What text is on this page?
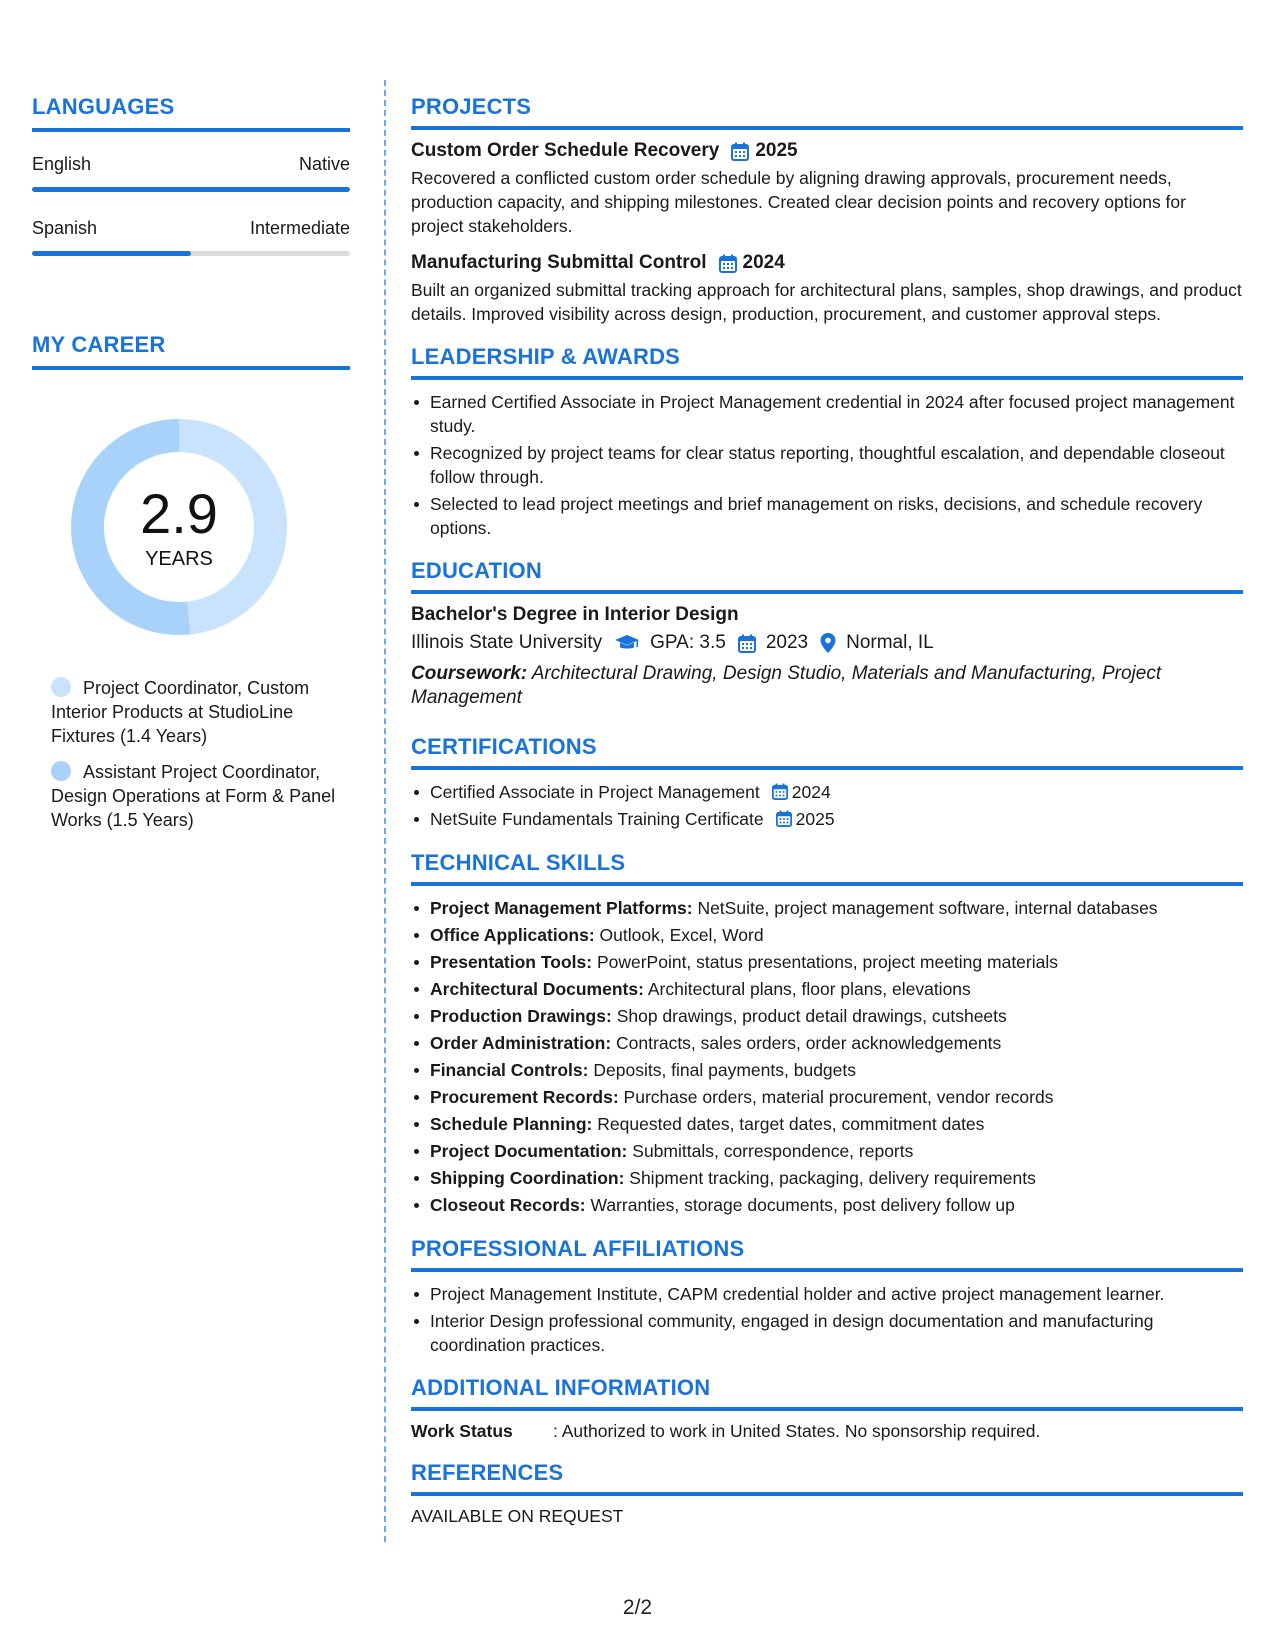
LANGUAGES
English	Native
Spanish	Intermediate
MY CAREER
2.9
YEARS
Project Coordinator, Custom Interior Products at StudioLine Fixtures (1.4 Years)
Assistant Project Coordinator, Design Operations at Form & Panel Works (1.5 Years)
PROJECTS
Custom Order Schedule Recovery 2025
Recovered a conflicted custom order schedule by aligning drawing approvals, procurement needs, production capacity, and shipping milestones. Created clear decision points and recovery options for project stakeholders.
Manufacturing Submittal Control 2024
Built an organized submittal tracking approach for architectural plans, samples, shop drawings, and product details. Improved visibility across design, production, procurement, and customer approval steps.
LEADERSHIP & AWARDS
Earned Certified Associate in Project Management credential in 2024 after focused project management study.
Recognized by project teams for clear status reporting, thoughtful escalation, and dependable closeout follow through.
Selected to lead project meetings and brief management on risks, decisions, and schedule recovery options.
EDUCATION
Bachelor's Degree in Interior Design
Illinois State University	GPA: 3.5 2023 Normal, IL
Coursework: Architectural Drawing, Design Studio, Materials and Manufacturing, Project Management
CERTIFICATIONS
Certified Associate in Project Management 2024
NetSuite Fundamentals Training Certificate 2025
TECHNICAL SKILLS
Project Management Platforms: NetSuite, project management software, internal databases
Office Applications: Outlook, Excel, Word
Presentation Tools: PowerPoint, status presentations, project meeting materials
Architectural Documents: Architectural plans, floor plans, elevations
Production Drawings: Shop drawings, product detail drawings, cutsheets
Order Administration: Contracts, sales orders, order acknowledgements
Financial Controls: Deposits, final payments, budgets
Procurement Records: Purchase orders, material procurement, vendor records
Schedule Planning: Requested dates, target dates, commitment dates
Project Documentation: Submittals, correspondence, reports
Shipping Coordination: Shipment tracking, packaging, delivery requirements
Closeout Records: Warranties, storage documents, post delivery follow up
PROFESSIONAL AFFILIATIONS
Project Management Institute, CAPM credential holder and active project management learner.
Interior Design professional community, engaged in design documentation and manufacturing coordination practices.
ADDITIONAL INFORMATION
Work Status	: Authorized to work in United States. No sponsorship required.
REFERENCES
AVAILABLE ON REQUEST
2/2
